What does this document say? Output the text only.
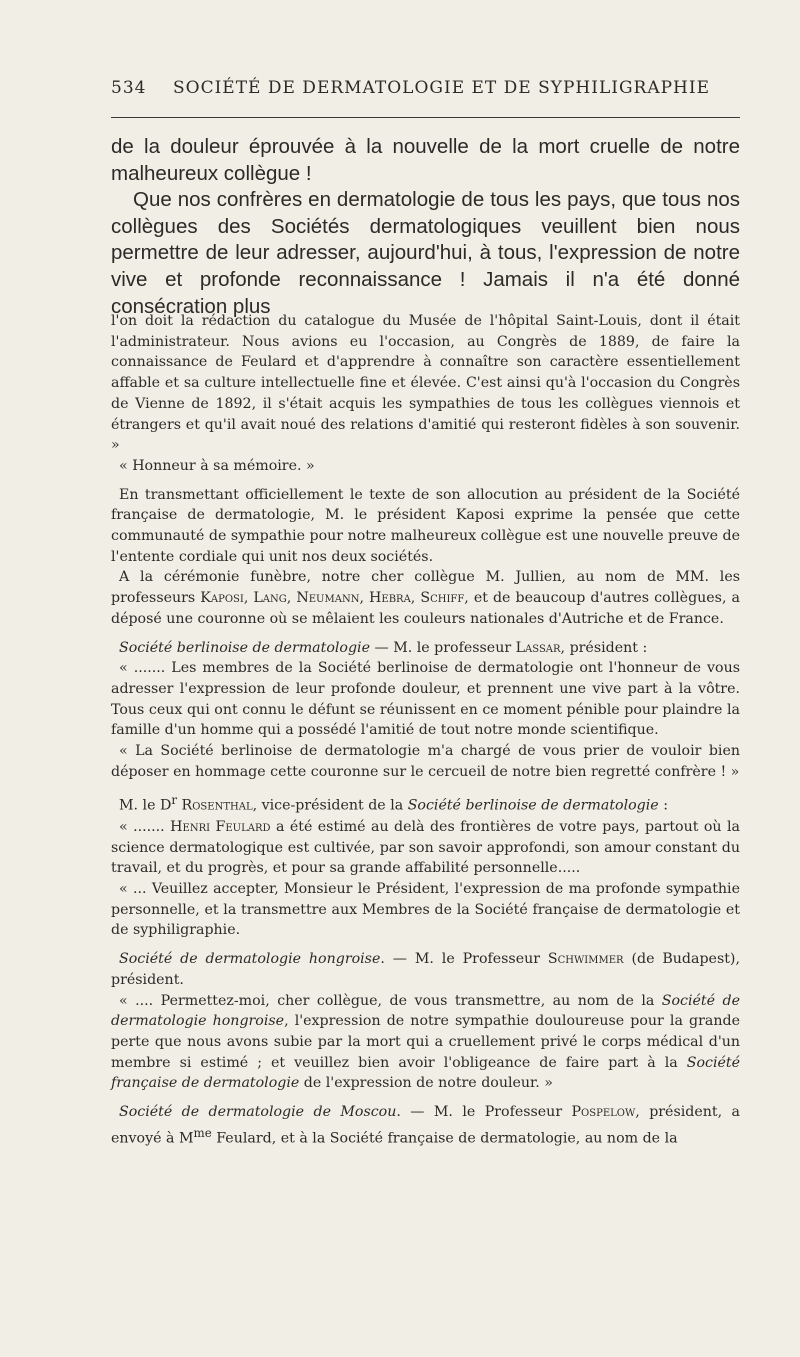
534 SOCIÉTÉ DE DERMATOLOGIE ET DE SYPHILIGRAPHIE

de la douleur éprouvée à la nouvelle de la mort cruelle de notre malheureux collègue !

Que nos confrères en dermatologie de tous les pays, que tous nos collègues des Sociétés dermatologiques veuillent bien nous permettre de leur adresser, aujourd'hui, à tous, l'expression de notre vive et profonde reconnaissance ! Jamais il n'a été donné consécration plus

l'on doit la rédaction du catalogue du Musée de l'hôpital Saint-Louis, dont il était l'administrateur. Nous avions eu l'occasion, au Congrès de 1889, de faire la connaissance de Feulard et d'apprendre à connaître son caractère essentiellement affable et sa culture intellectuelle fine et élevée. C'est ainsi qu'à l'occasion du Congrès de Vienne de 1892, il s'était acquis les sympathies de tous les collègues viennois et étrangers et qu'il avait noué des relations d'amitié qui resteront fidèles à son souvenir. »

« Honneur à sa mémoire. »

En transmettant officiellement le texte de son allocution au président de la Société française de dermatologie, M. le président Kaposi exprime la pensée que cette communauté de sympathie pour notre malheureux collègue est une nouvelle preuve de l'entente cordiale qui unit nos deux sociétés.

A la cérémonie funèbre, notre cher collègue M. Jullien, au nom de MM. les professeurs Kaposi, Lang, Neumann, Hebra, Schiff, et de beaucoup d'autres collègues, a déposé une couronne où se mêlaient les couleurs nationales d'Autriche et de France.

Société berlinoise de dermatologie — M. le professeur Lassar, président :

« ....... Les membres de la Société berlinoise de dermatologie ont l'honneur de vous adresser l'expression de leur profonde douleur, et prennent une vive part à la vôtre. Tous ceux qui ont connu le défunt se réunissent en ce moment pénible pour plaindre la famille d'un homme qui a possédé l'amitié de tout notre monde scientifique.

« La Société berlinoise de dermatologie m'a chargé de vous prier de vouloir bien déposer en hommage cette couronne sur le cercueil de notre bien regretté confrère ! »

M. le $D^r$ Rosenthal, vice-président de la Société berlinoise de dermatologie :

« ....... Henri Feulard a été estimé au delà des frontières de votre pays, partout où la science dermatologique est cultivée, par son savoir approfondi, son amour constant du travail, et du progrès, et pour sa grande affabilité personnelle.....

« ... Veuillez accepter, Monsieur le Président, l'expression de ma profonde sympathie personnelle, et la transmettre aux Membres de la Société française de dermatologie et de syphiligraphie.

Société de dermatologie hongroise. — M. le Professeur Schwimmer (de Budapest), président.

« .... Permettez-moi, cher collègue, de vous transmettre, au nom de la Société de dermatologie hongroise, l'expression de notre sympathie douloureuse pour la grande perte que nous avons subie par la mort qui a cruellement privé le corps médical d'un membre si estimé ; et veuillez bien avoir l'obligeance de faire part à la Société française de dermatologie de l'expression de notre douleur. »

Société de dermatologie de Moscou. — M. le Professeur Pospelow, président, a envoyé à $M^{me}$ Feulard, et à la Société française de dermatologie, au nom de la
